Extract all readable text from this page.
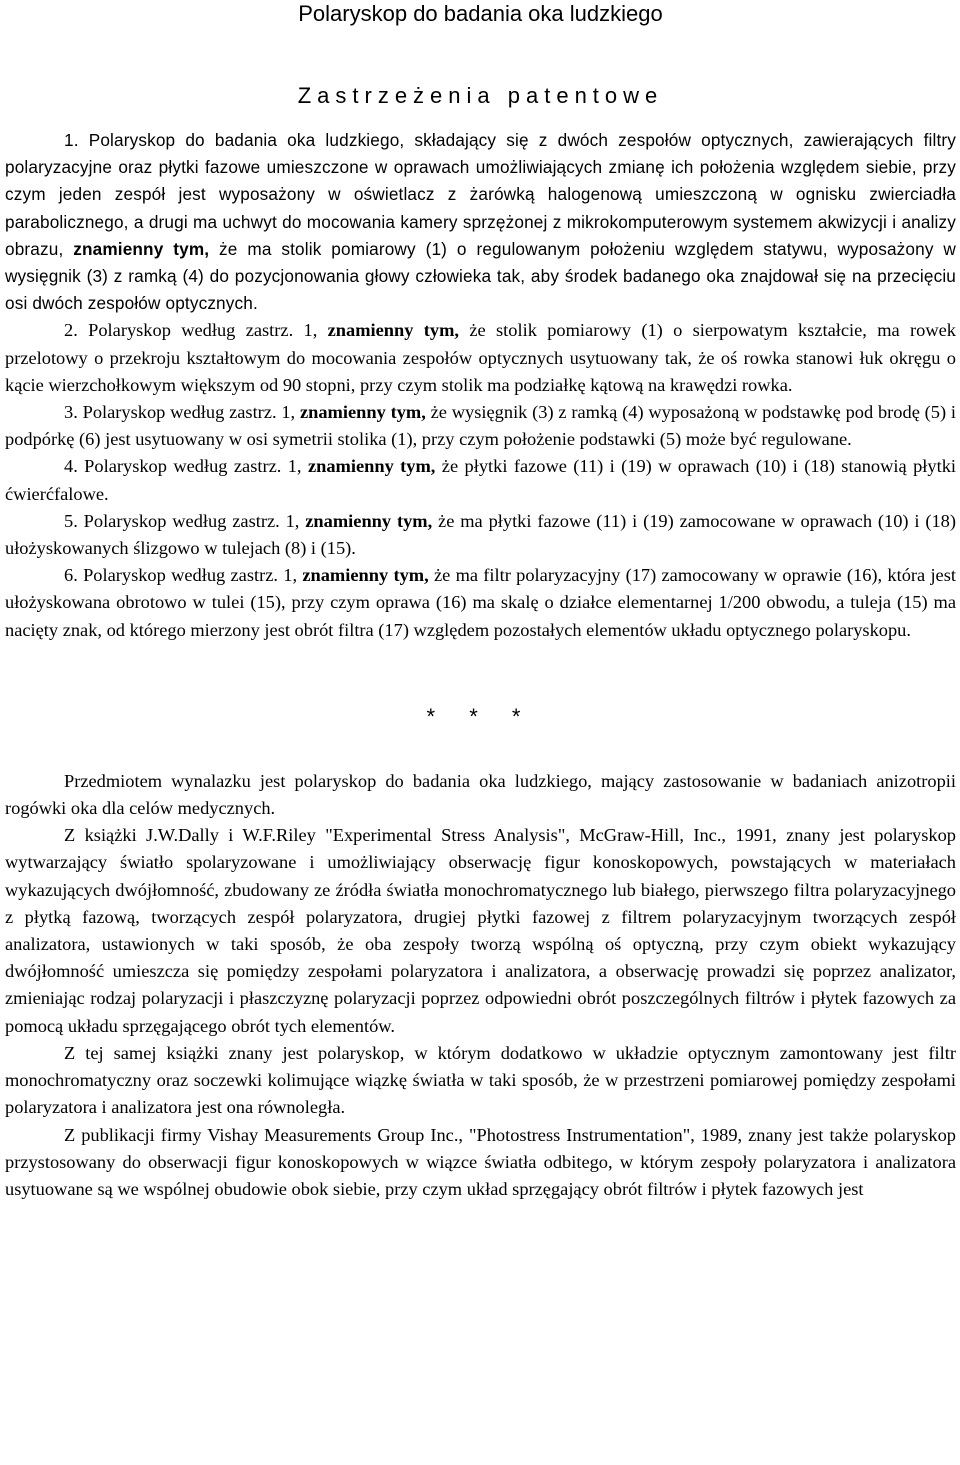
Polaryskop do badania oka ludzkiego
Zastrzeżenia patentowe

1. Polaryskop do badania oka ludzkiego, składający się z dwóch zespołów optycznych, zawierających filtry polaryzacyjne oraz płytki fazowe umieszczone w oprawach umożliwiających zmianę ich położenia względem siebie, przy czym jeden zespół jest wyposażony w oświetlacz z żarówką halogenową umieszczoną w ognisku zwierciadła parabolicznego, a drugi ma uchwyt do mocowania kamery sprzężonej z mikrokomputerowym systemem akwizycji i analizy obrazu, znamienny tym, że ma stolik pomiarowy (1) o regulowanym położeniu względem statywu, wyposażony w wysięgnik (3) z ramką (4) do pozycjonowania głowy człowieka tak, aby środek badanego oka znajdował się na przecięciu osi dwóch zespołów optycznych.

2. Polaryskop według zastrz. 1, znamienny tym, że stolik pomiarowy (1) o sierpowatym kształcie, ma rowek przelotowy o przekroju kształtowym do mocowania zespołów optycznych usytuowany tak, że oś rowka stanowi łuk okręgu o kącie wierzchołkowym większym od 90 stopni, przy czym stolik ma podziałkę kątową na krawędzi rowka.

3. Polaryskop według zastrz. 1, znamienny tym, że wysięgnik (3) z ramką (4) wyposażoną w podstawkę pod brodę (5) i podpórkę (6) jest usytuowany w osi symetrii stolika (1), przy czym położenie podstawki (5) może być regulowane.

4. Polaryskop według zastrz. 1, znamienny tym, że płytki fazowe (11) i (19) w oprawach (10) i (18) stanowią płytki ćwierćfalowe.

5. Polaryskop według zastrz. 1, znamienny tym, że ma płytki fazowe (11) i (19) zamocowane w oprawach (10) i (18) ułożyskowanych ślizgowo w tulejach (8) i (15).

6. Polaryskop według zastrz. 1, znamienny tym, że ma filtr polaryzacyjny (17) zamocowany w oprawie (16), która jest ułożyskowana obrotowo w tulei (15), przy czym oprawa (16) ma skalę o działce elementarnej 1/200 obwodu, a tuleja (15) ma nacięty znak, od którego mierzony jest obrót filtra (17) względem pozostałych elementów układu optycznego polaryskopu.

* * *

Przedmiotem wynalazku jest polaryskop do badania oka ludzkiego, mający zastosowanie w badaniach anizotropii rogówki oka dla celów medycznych.

Z książki J.W.Dally i W.F.Riley "Experimental Stress Analysis", McGraw-Hill, Inc., 1991, znany jest polaryskop wytwarzający światło spolaryzowane i umożliwiający obserwację figur konoskopowych, powstających w materiałach wykazujących dwójłomność, zbudowany ze źródła światła monochromatycznego lub białego, pierwszego filtra polaryzacyjnego z płytką fazową, tworzących zespół polaryzatora, drugiej płytki fazowej z filtrem polaryzacyjnym tworzących zespół analizatora, ustawionych w taki sposób, że oba zespoły tworzą wspólną oś optyczną, przy czym obiekt wykazujący dwójłomność umieszcza się pomiędzy zespołami polaryzatora i analizatora, a obserwację prowadzi się poprzez analizator, zmieniając rodzaj polaryzacji i płaszczyznę polaryzacji poprzez odpowiedni obrót poszczególnych filtrów i płytek fazowych za pomocą układu sprzęgającego obrót tych elementów.

Z tej samej książki znany jest polaryskop, w którym dodatkowo w układzie optycznym zamontowany jest filtr monochromatyczny oraz soczewki kolimujące wiązkę światła w taki sposób, że w przestrzeni pomiarowej pomiędzy zespołami polaryzatora i analizatora jest ona równoległa.

Z publikacji firmy Vishay Measurements Group Inc., "Photostress Instrumentation", 1989, znany jest także polaryskop przystosowany do obserwacji figur konoskopowych w wiązce światła odbitego, w którym zespoły polaryzatora i analizatora usytuowane są we wspólnej obudowie obok siebie, przy czym układ sprzęgający obrót filtrów i płytek fazowych jest
